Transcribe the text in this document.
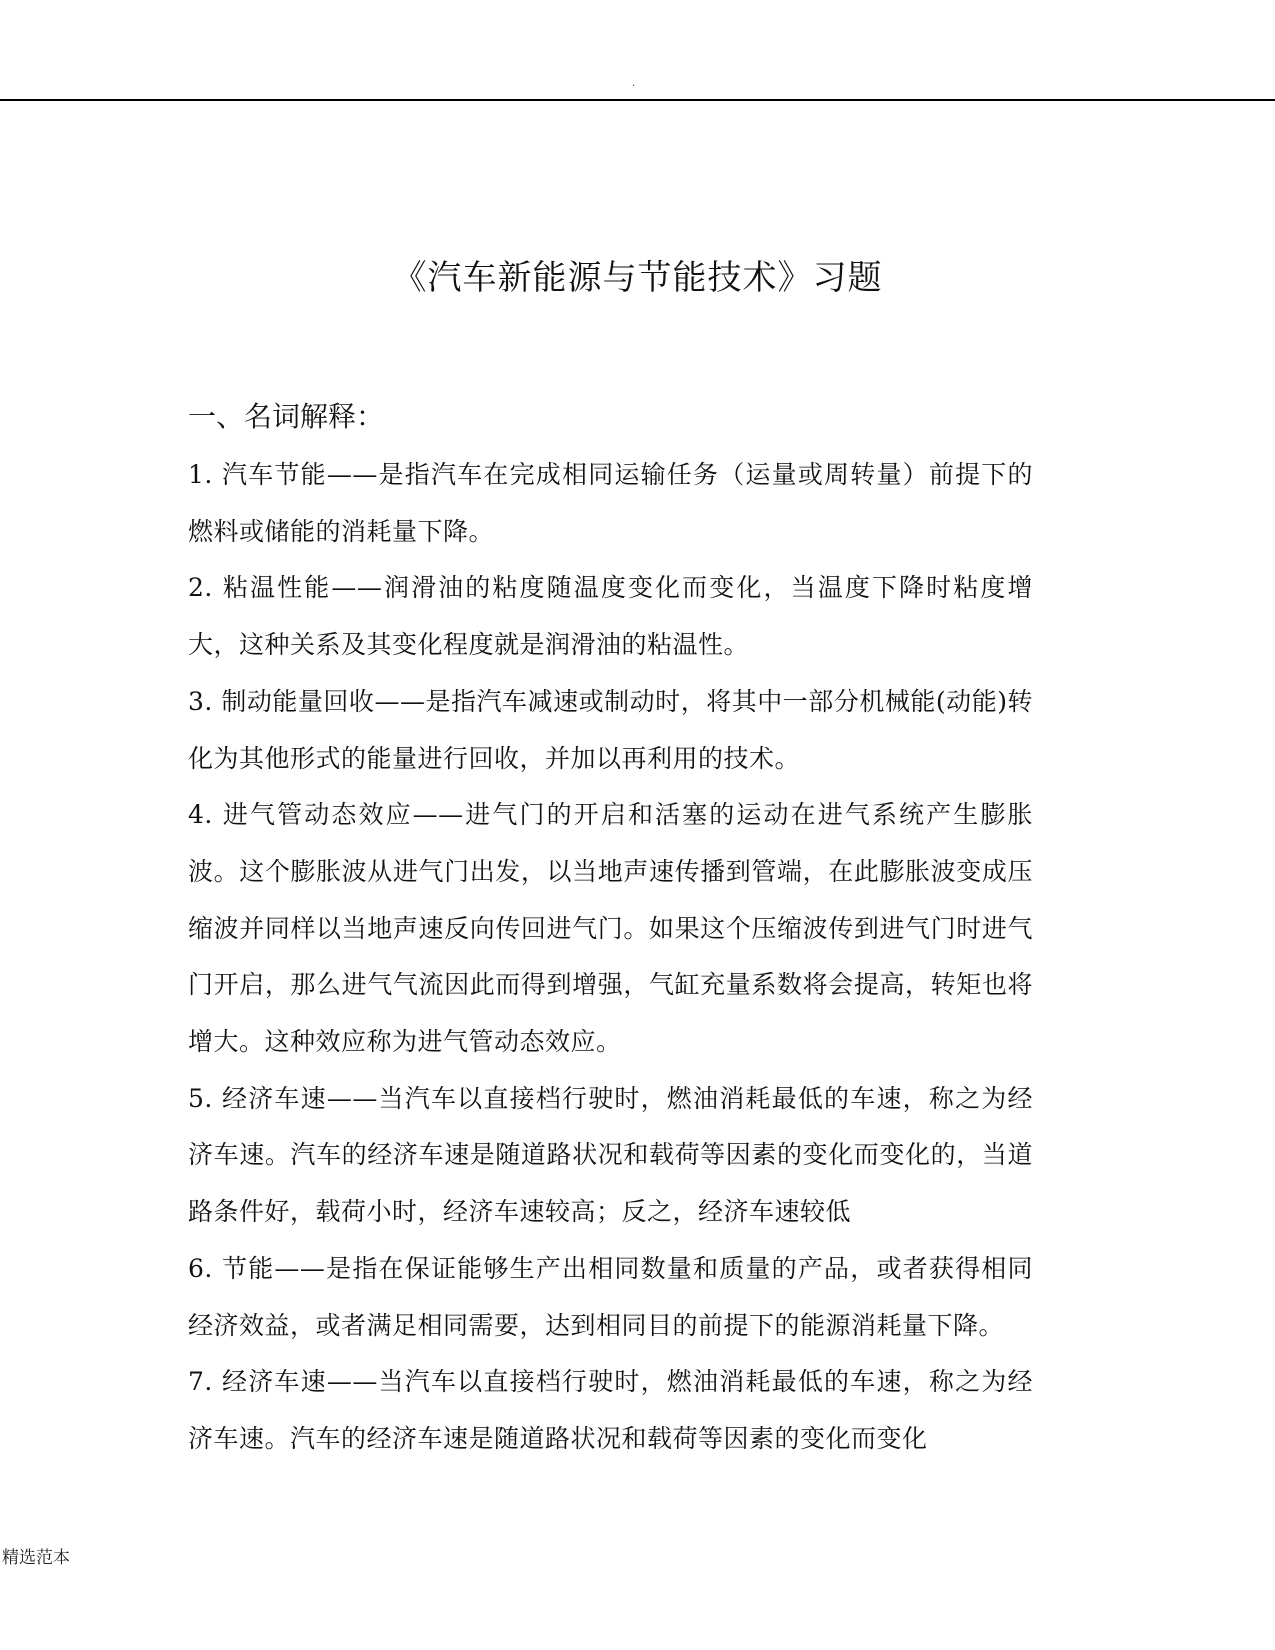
.
《汽车新能源与节能技术》习题
一、名词解释：

1. 汽车节能——是指汽车在完成相同运输任务（运量或周转量）前提下的燃料或储能的消耗量下降。

2. 粘温性能——润滑油的粘度随温度变化而变化，当温度下降时粘度增大，这种关系及其变化程度就是润滑油的粘温性。

3. 制动能量回收——是指汽车减速或制动时，将其中一部分机械能(动能)转化为其他形式的能量进行回收，并加以再利用的技术。

4. 进气管动态效应——进气门的开启和活塞的运动在进气系统产生膨胀波。这个膨胀波从进气门出发，以当地声速传播到管端，在此膨胀波变成压缩波并同样以当地声速反向传回进气门。如果这个压缩波传到进气门时进气门开启，那么进气气流因此而得到增强，气缸充量系数将会提高，转矩也将增大。这种效应称为进气管动态效应。

5. 经济车速——当汽车以直接档行驶时，燃油消耗最低的车速，称之为经济车速。汽车的经济车速是随道路状况和载荷等因素的变化而变化的，当道路条件好，载荷小时，经济车速较高；反之，经济车速较低

6. 节能——是指在保证能够生产出相同数量和质量的产品，或者获得相同经济效益，或者满足相同需要，达到相同目的前提下的能源消耗量下降。

7. 经济车速——当汽车以直接档行驶时，燃油消耗最低的车速，称之为经济车速。汽车的经济车速是随道路状况和载荷等因素的变化而变化

精选范本
